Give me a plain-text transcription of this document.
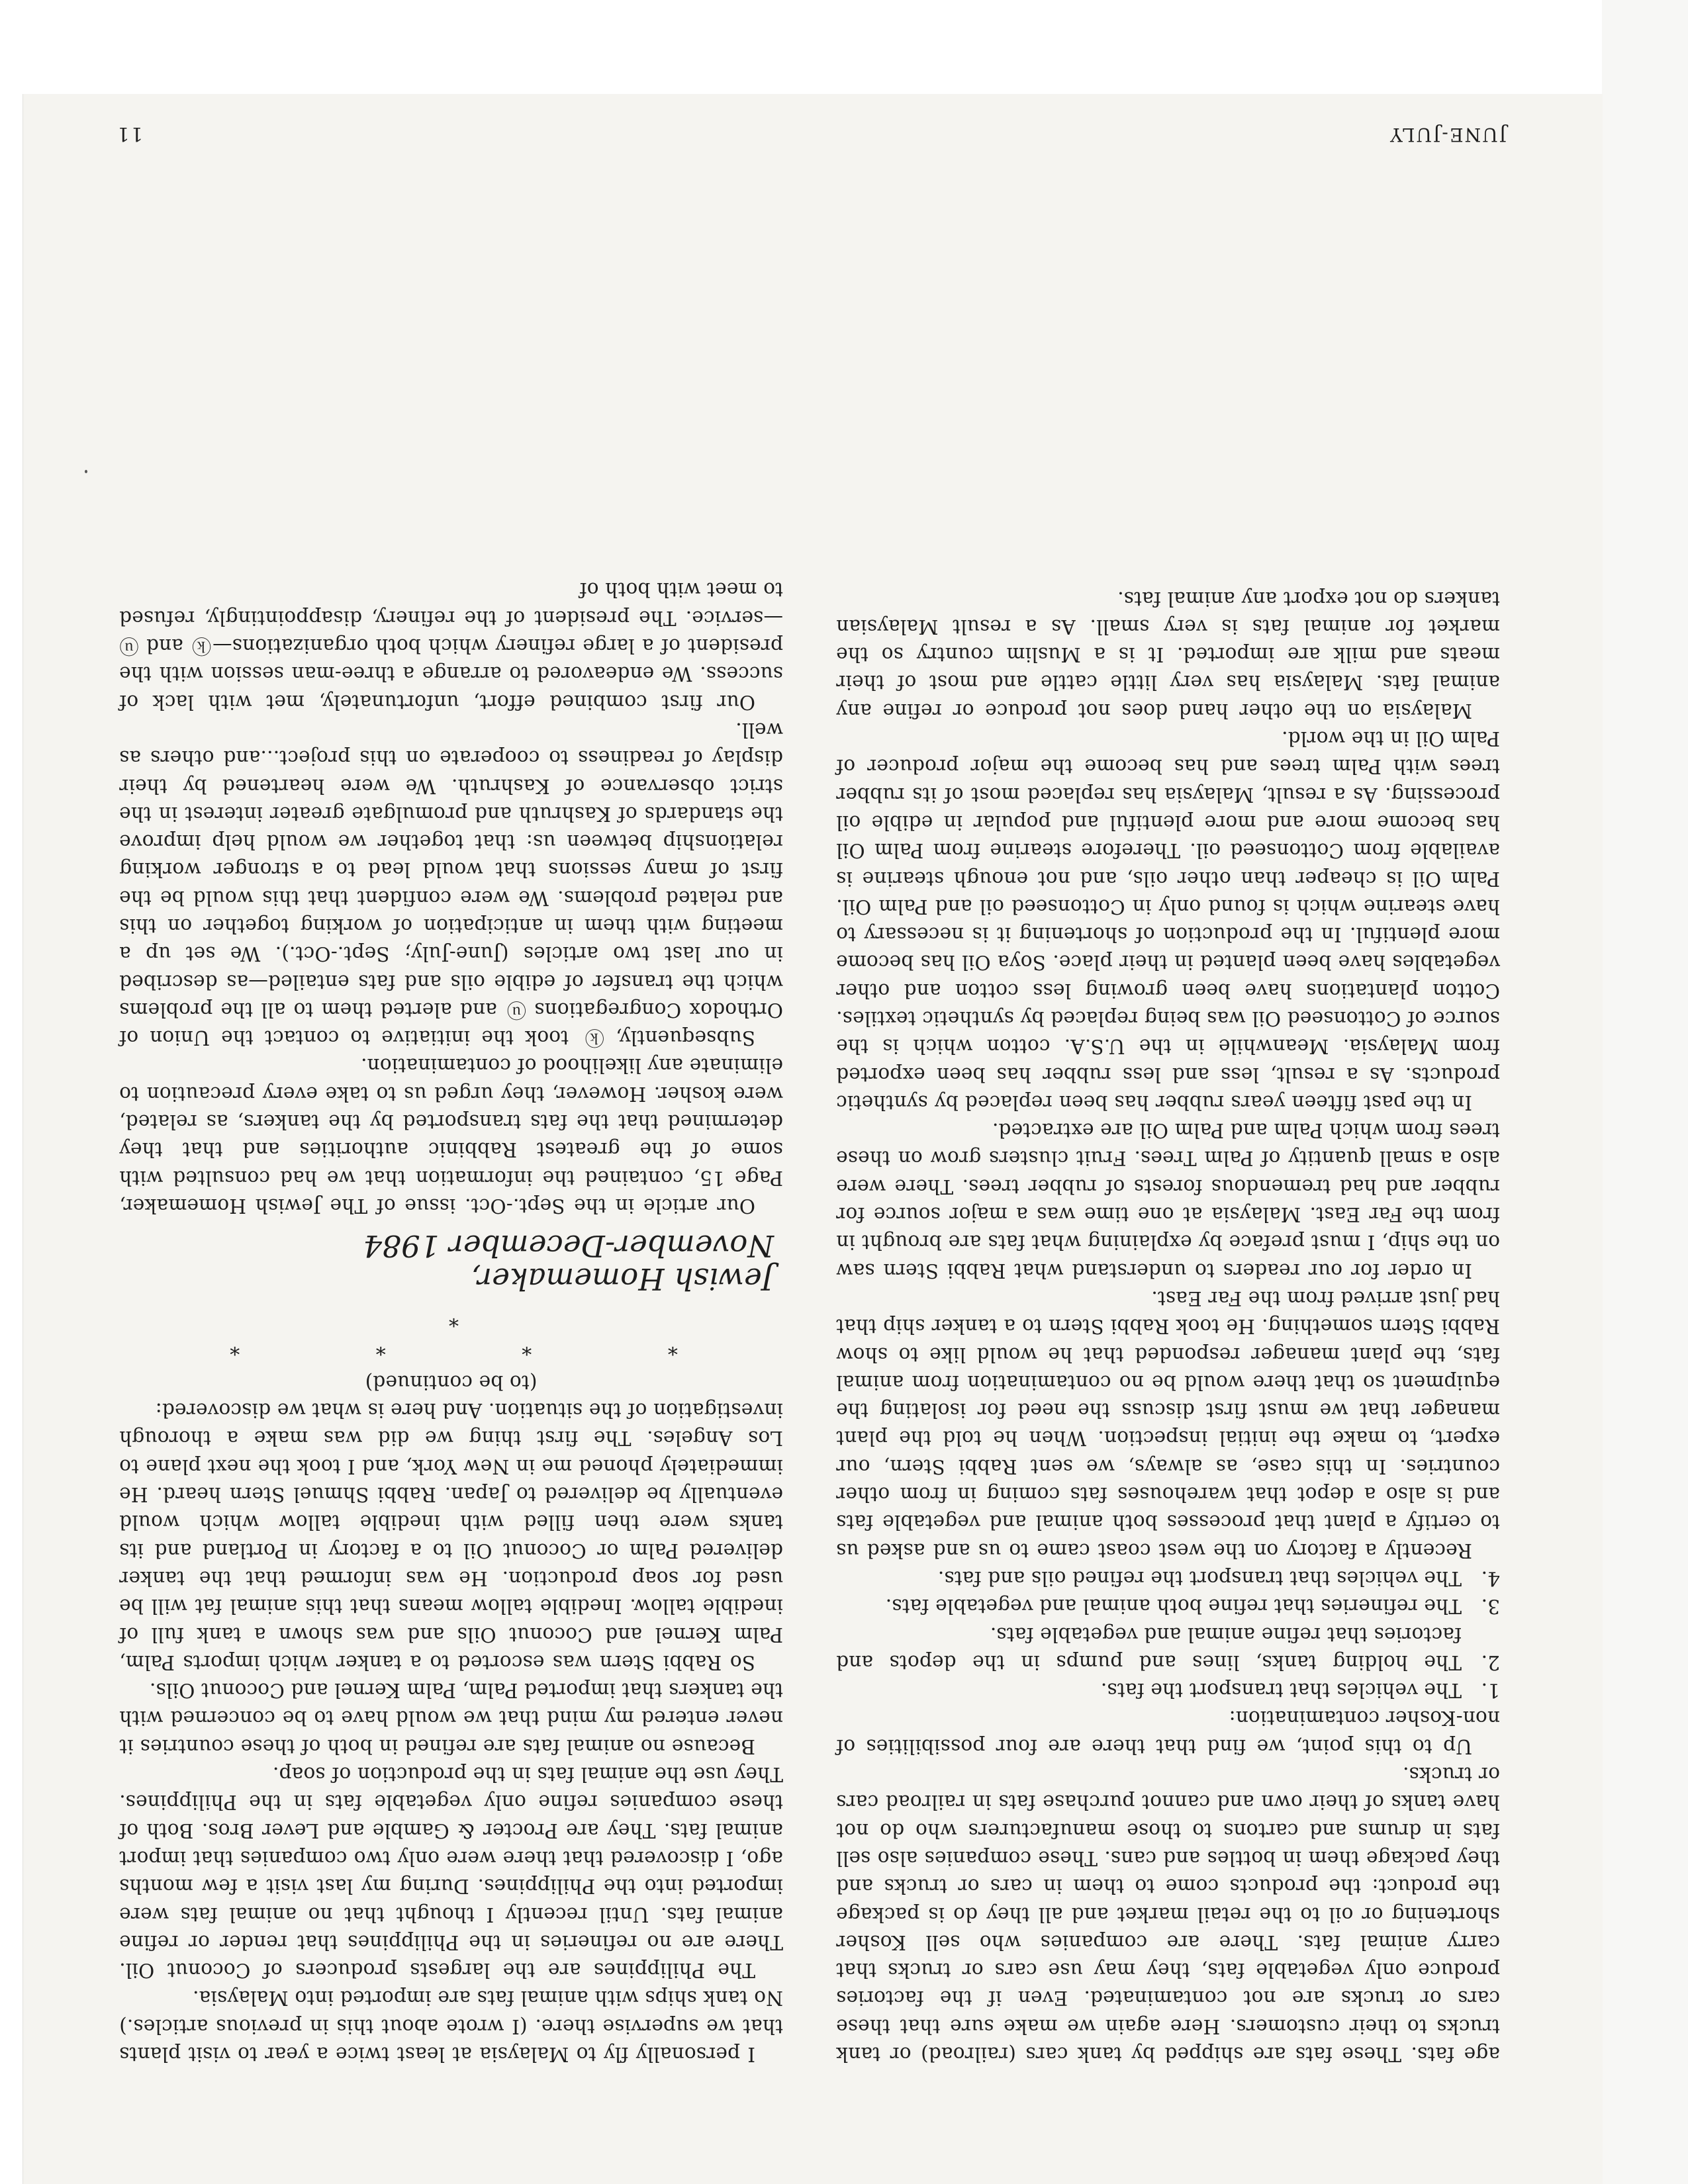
age fats. These fats are shipped by tank cars (railroad) or tank trucks to their customers. Here again we make sure that these cars or trucks are not contaminated. Even if the factories produce only vegetable fats, they may use cars or trucks that carry animal fats. There are companies who sell Kosher shortening or oil to the retail market and all they do is package the product: the products come to them in cars or trucks and they package them in bottles and cans. These companies also sell fats in drums and cartons to those manufacturers who do not have tanks of their own and cannot purchase fats in railroad cars or trucks.

Up to this point, we find that there are four possibilities of non-Kosher contamination:

1.
The vehicles that transport the fats.
2.
The holding tanks, lines and pumps in the depots and factories that refine animal and vegetable fats.
3.
The refineries that refine both animal and vegetable fats.
4.
The vehicles that transport the refined oils and fats.

Recently a factory on the west coast came to us and asked us to certify a plant that processes both animal and vegetable fats and is also a depot that warehouses fats coming in from other countries. In this case, as always, we sent Rabbi Stern, our expert, to make the initial inspection. When he told the plant manager that we must first discuss the need for isolating the equipment so that there would be no contamination from animal fats, the plant manager responded that he would like to show Rabbi Stern something. He took Rabbi Stern to a tanker ship that had just arrived from the Far East.

In order for our readers to understand what Rabbi Stern saw on the ship, I must preface by explaining what fats are brought in from the Far East. Malaysia at one time was a major source for rubber and had tremendous forests of rubber trees. There were also a small quantity of Palm Trees. Fruit clusters grow on these trees from which Palm and Palm Oil are extracted.

In the past fifteen years rubber has been replaced by synthetic products. As a result, less and less rubber has been exported from Malaysia. Meanwhile in the U.S.A. cotton which is the source of Cottonseed Oil was being replaced by synthetic textiles. Cotton plantations have been growing less cotton and other vegetables have been planted in their place. Soya Oil has become more plentiful. In the production of shortening it is necessary to have stearine which is found only in Cottonseed oil and Palm Oil. Palm Oil is cheaper than other oils, and not enough stearine is available from Cottonseed oil. Therefore stearine from Palm Oil has become more and more plentiful and popular in edible oil processing. As a result, Malaysia has replaced most of its rubber trees with Palm trees and has become the major producer of Palm Oil in the world.

Malaysia on the other hand does not produce or refine any animal fats. Malaysia has very little cattle and most of their meats and milk are imported. It is a Muslim country so the market for animal fats is very small. As a result Malaysian tankers do not export any animal fats.

I personally fly to Malaysia at least twice a year to visit plants that we supervise there. (I wrote about this in previous articles.) No tank ships with animal fats are imported into Malaysia.

The Philippines are the largests producers of Coconut Oil. There are no refineries in the Philippines that render or refine animal fats. Until recently I thought that no animal fats were imported into the Philippines. During my last visit a few months ago, I discovered that there were only two companies that import animal fats. They are Procter & Gamble and Lever Bros. Both of these companies refine only vegetable fats in the Philippines. They use the animal fats in the production of soap.

Because no animal fats are refined in both of these countries it never entered my mind that we would have to be concerned with the tankers that imported Palm, Palm Kernel and Coconut Oils.

So Rabbi Stern was escorted to a tanker which imports Palm, Palm Kernel and Coconut Oils and was shown a tank full of inedible tallow. Inedible tallow means that this animal fat will be used for soap production. He was informed that the tanker delivered Palm or Coconut Oil to a factory in Portland and its tanks were then filled with inedible tallow which would eventually be delivered to Japan. Rabbi Shmuel Stern heard. He immediately phoned me in New York, and I took the next plane to Los Angeles. The first thing we did was make a thorough investigation of the situation. And here is what we discovered:

(to be continued)

* * * * *
Jewish Homemaker,
November-December 1984

Our article in the Sept.-Oct. issue of The Jewish Homemaker, Page 15, contained the information that we had consulted with some of the greatest Rabbinic authorities and that they determined that the fats transported by the tankers, as related, were kosher. However, they urged us to take every precaution to eliminate any likelihood of contamination.

Subsequently, ⓚ took the initiative to contact the Union of Orthodox Congregations ⓤ and alerted them to all the problems which the transfer of edible oils and fats entailed—as described in our last two articles (June-July; Sept.-Oct.). We set up a meeting with them in anticipation of working together on this and related problems. We were confident that this would be the first of many sessions that would lead to a stronger working relationship between us: that together we would help improve the standards of Kashruth and promulgate greater interest in the strict observance of Kashruth. We were heartened by their display of readiness to cooperate on this project...and others as well.

Our first combined effort, unfortunately, met with lack of success. We endeavored to arrange a three-man session with the president of a large refinery which both organizations—ⓚ and ⓤ—service. The president of the refinery, disappointingly, refused to meet with both of

JUNE-JULY
11
